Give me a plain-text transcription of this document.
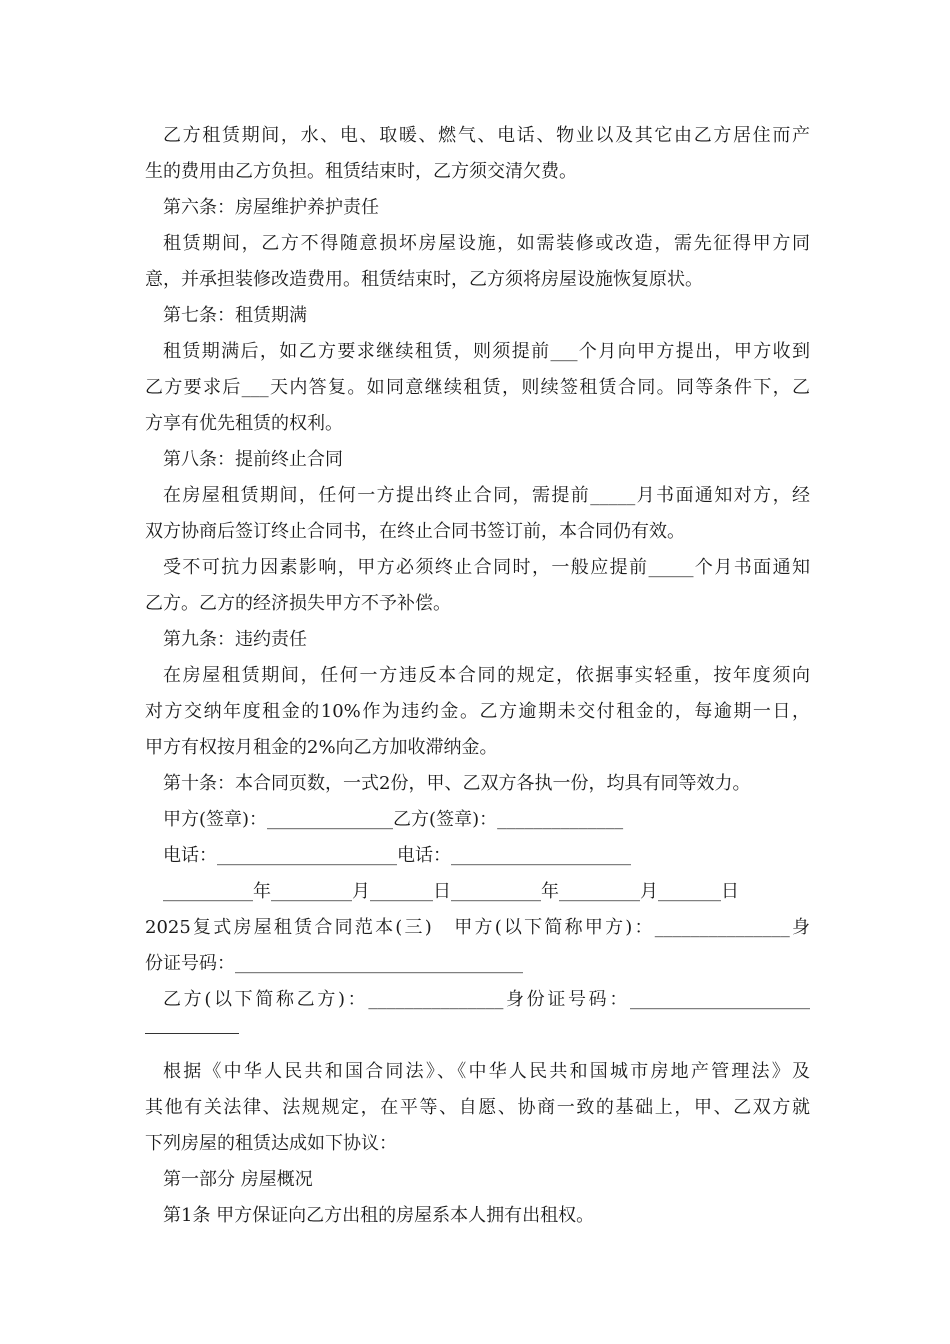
乙方租赁期间，水、电、取暖、燃气、电话、物业以及其它由乙方居住而产
生的费用由乙方负担。租赁结束时，乙方须交清欠费。
第六条：房屋维护养护责任
租赁期间，乙方不得随意损坏房屋设施，如需装修或改造，需先征得甲方同
意，并承担装修改造费用。租赁结束时，乙方须将房屋设施恢复原状。
第七条：租赁期满
租赁期满后，如乙方要求继续租赁，则须提前___个月向甲方提出，甲方收到
乙方要求后___天内答复。如同意继续租赁，则续签租赁合同。同等条件下，乙
方享有优先租赁的权利。
第八条：提前终止合同
在房屋租赁期间，任何一方提出终止合同，需提前_____月书面通知对方，经
双方协商后签订终止合同书，在终止合同书签订前，本合同仍有效。
受不可抗力因素影响，甲方必须终止合同时，一般应提前_____个月书面通知
乙方。乙方的经济损失甲方不予补偿。
第九条：违约责任
在房屋租赁期间，任何一方违反本合同的规定，依据事实轻重，按年度须向
对方交纳年度租金的10%作为违约金。乙方逾期未交付租金的，每逾期一日，
甲方有权按月租金的2%向乙方加收滞纳金。
第十条：本合同页数，一式2份，甲、乙双方各执一份，均具有同等效力。
甲方(签章)：______________乙方(签章)：______________
电话：____________________电话：____________________
__________年_________月_______日__________年_________月_______日
2025复式房屋租赁合同范本(三)　甲方(以下简称甲方)：_______________身
份证号码：________________________________
乙方(以下简称乙方)：_______________身份证号码：____________________
根据《中华人民共和国合同法》、《中华人民共和国城市房地产管理法》及
其他有关法律、法规规定，在平等、自愿、协商一致的基础上，甲、乙双方就
下列房屋的租赁达成如下协议：
第一部分 房屋概况
第1条 甲方保证向乙方出租的房屋系本人拥有出租权。
